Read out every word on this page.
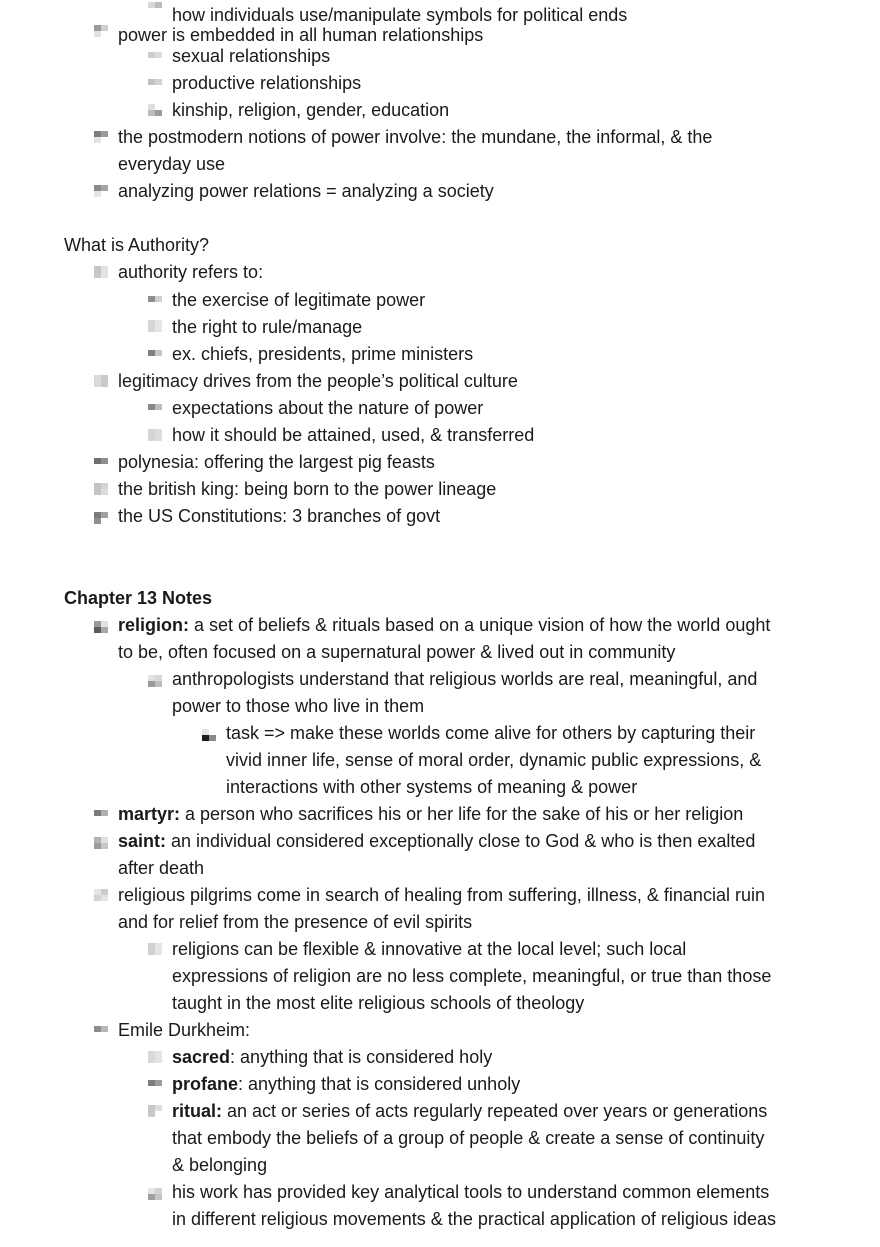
how individuals use/manipulate symbols for political ends
power is embedded in all human relationships
sexual relationships
productive relationships
kinship, religion, gender, education
the postmodern notions of power involve: the mundane, the informal, & the
everyday use
analyzing power relations = analyzing a society
What is Authority?
authority refers to:
the exercise of legitimate power
the right to rule/manage
ex. chiefs, presidents, prime ministers
legitimacy drives from the people’s political culture
expectations about the nature of power
how it should be attained, used, & transferred
polynesia: offering the largest pig feasts
the british king: being born to the power lineage
the US Constitutions: 3 branches of govt
Chapter 13 Notes
religion: a set of beliefs & rituals based on a unique vision of how the world ought
to be, often focused on a supernatural power & lived out in community
anthropologists understand that religious worlds are real, meaningful, and
power to those who live in them
task => make these worlds come alive for others by capturing their
vivid inner life, sense of moral order, dynamic public expressions, &
interactions with other systems of meaning & power
martyr: a person who sacrifices his or her life for the sake of his or her religion
saint: an individual considered exceptionally close to God & who is then exalted
after death
religious pilgrims come in search of healing from suffering, illness, & financial ruin
and for relief from the presence of evil spirits
religions can be flexible & innovative at the local level; such local
expressions of religion are no less complete, meaningful, or true than those
taught in the most elite religious schools of theology
Emile Durkheim:
sacred: anything that is considered holy
profane: anything that is considered unholy
ritual: an act or series of acts regularly repeated over years or generations
that embody the beliefs of a group of people & create a sense of continuity
& belonging
his work has provided key analytical tools to understand common elements
in different religious movements & the practical application of religious ideas
